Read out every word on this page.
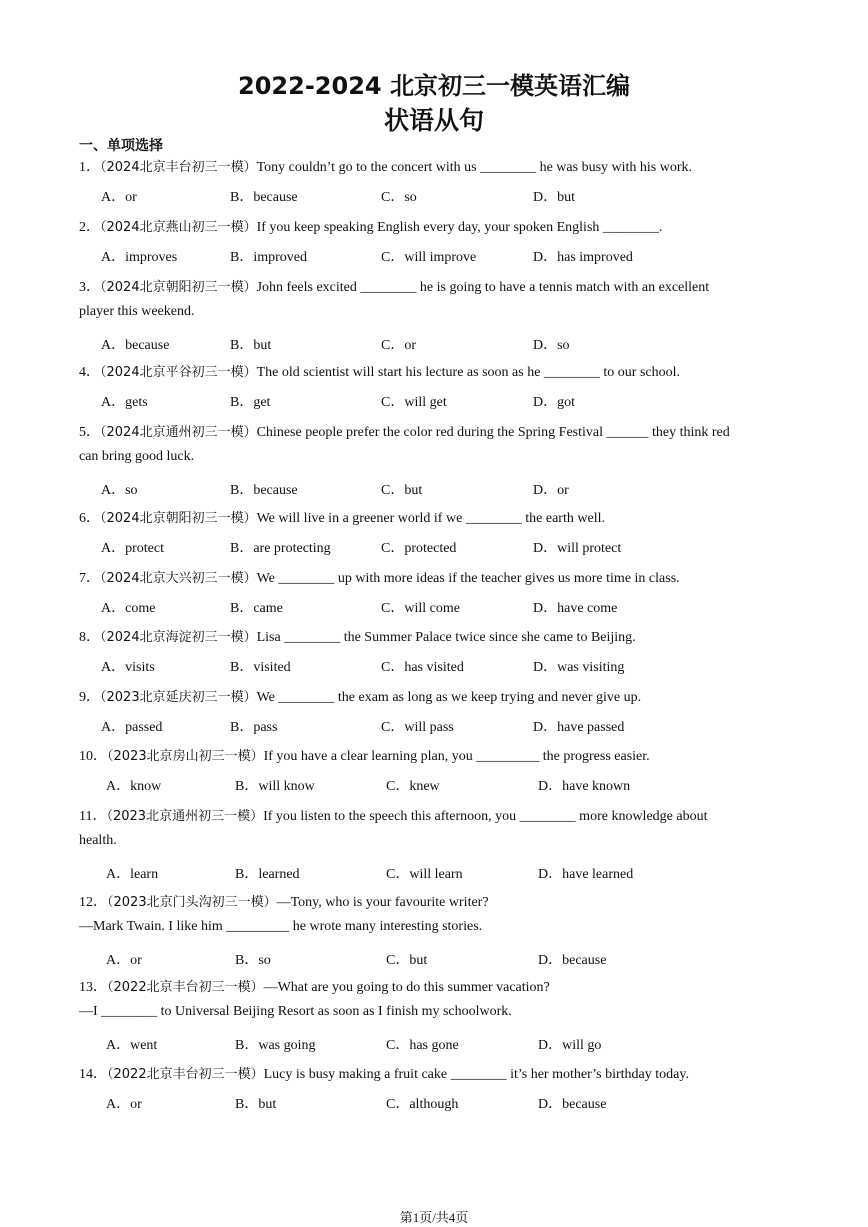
2022-2024 北京初三一模英语汇编
状语从句
一、单项选择
1．（2024北京丰台初三一模）Tony couldn’t go to the concert with us ________ he was busy with his work.
A．or	B．because	C．so	D．but
2．（2024北京燕山初三一模）If you keep speaking English every day, your spoken English ________.
A．improves	B．improved	C．will improve	D．has improved
3．（2024北京朝阳初三一模）John feels excited ________ he is going to have a tennis match with an excellent
player this weekend.
A．because	B．but	C．or	D．so
4．（2024北京平谷初三一模）The old scientist will start his lecture as soon as he ________ to our school.
A．gets	B．get	C．will get	D．got
5．（2024北京通州初三一模）Chinese people prefer the color red during the Spring Festival ______ they think red
can bring good luck.
A．so	B．because	C．but	D．or
6．（2024北京朝阳初三一模）We will live in a greener world if we ________ the earth well.
A．protect	B．are protecting	C．protected	D．will protect
7．（2024北京大兴初三一模）We ________ up with more ideas if the teacher gives us more time in class.
A．come	B．came	C．will come	D．have come
8．（2024北京海淀初三一模）Lisa ________ the Summer Palace twice since she came to Beijing.
A．visits	B．visited	C．has visited	D．was visiting
9．（2023北京延庆初三一模）We ________ the exam as long as we keep trying and never give up.
A．passed	B．pass	C．will pass	D．have passed
10．（2023北京房山初三一模）If you have a clear learning plan, you _________ the progress easier.
A．know	B．will know	C．knew	D．have known
11．（2023北京通州初三一模）If you listen to the speech this afternoon, you ________ more knowledge about
health.
A．learn	B．learned	C．will learn	D．have learned
12．（2023北京门头沟初三一模）—Tony, who is your favourite writer?
—Mark Twain. I like him _________ he wrote many interesting stories.
A．or	B．so	C．but	D．because
13．（2022北京丰台初三一模）—What are you going to do this summer vacation?
—I ________ to Universal Beijing Resort as soon as I finish my schoolwork.
A．went	B．was going	C．has gone	D．will go
14．（2022北京丰台初三一模）Lucy is busy making a fruit cake ________ it’s her mother’s birthday today.
A．or	B．but	C．although	D．because
第1页/共4页
